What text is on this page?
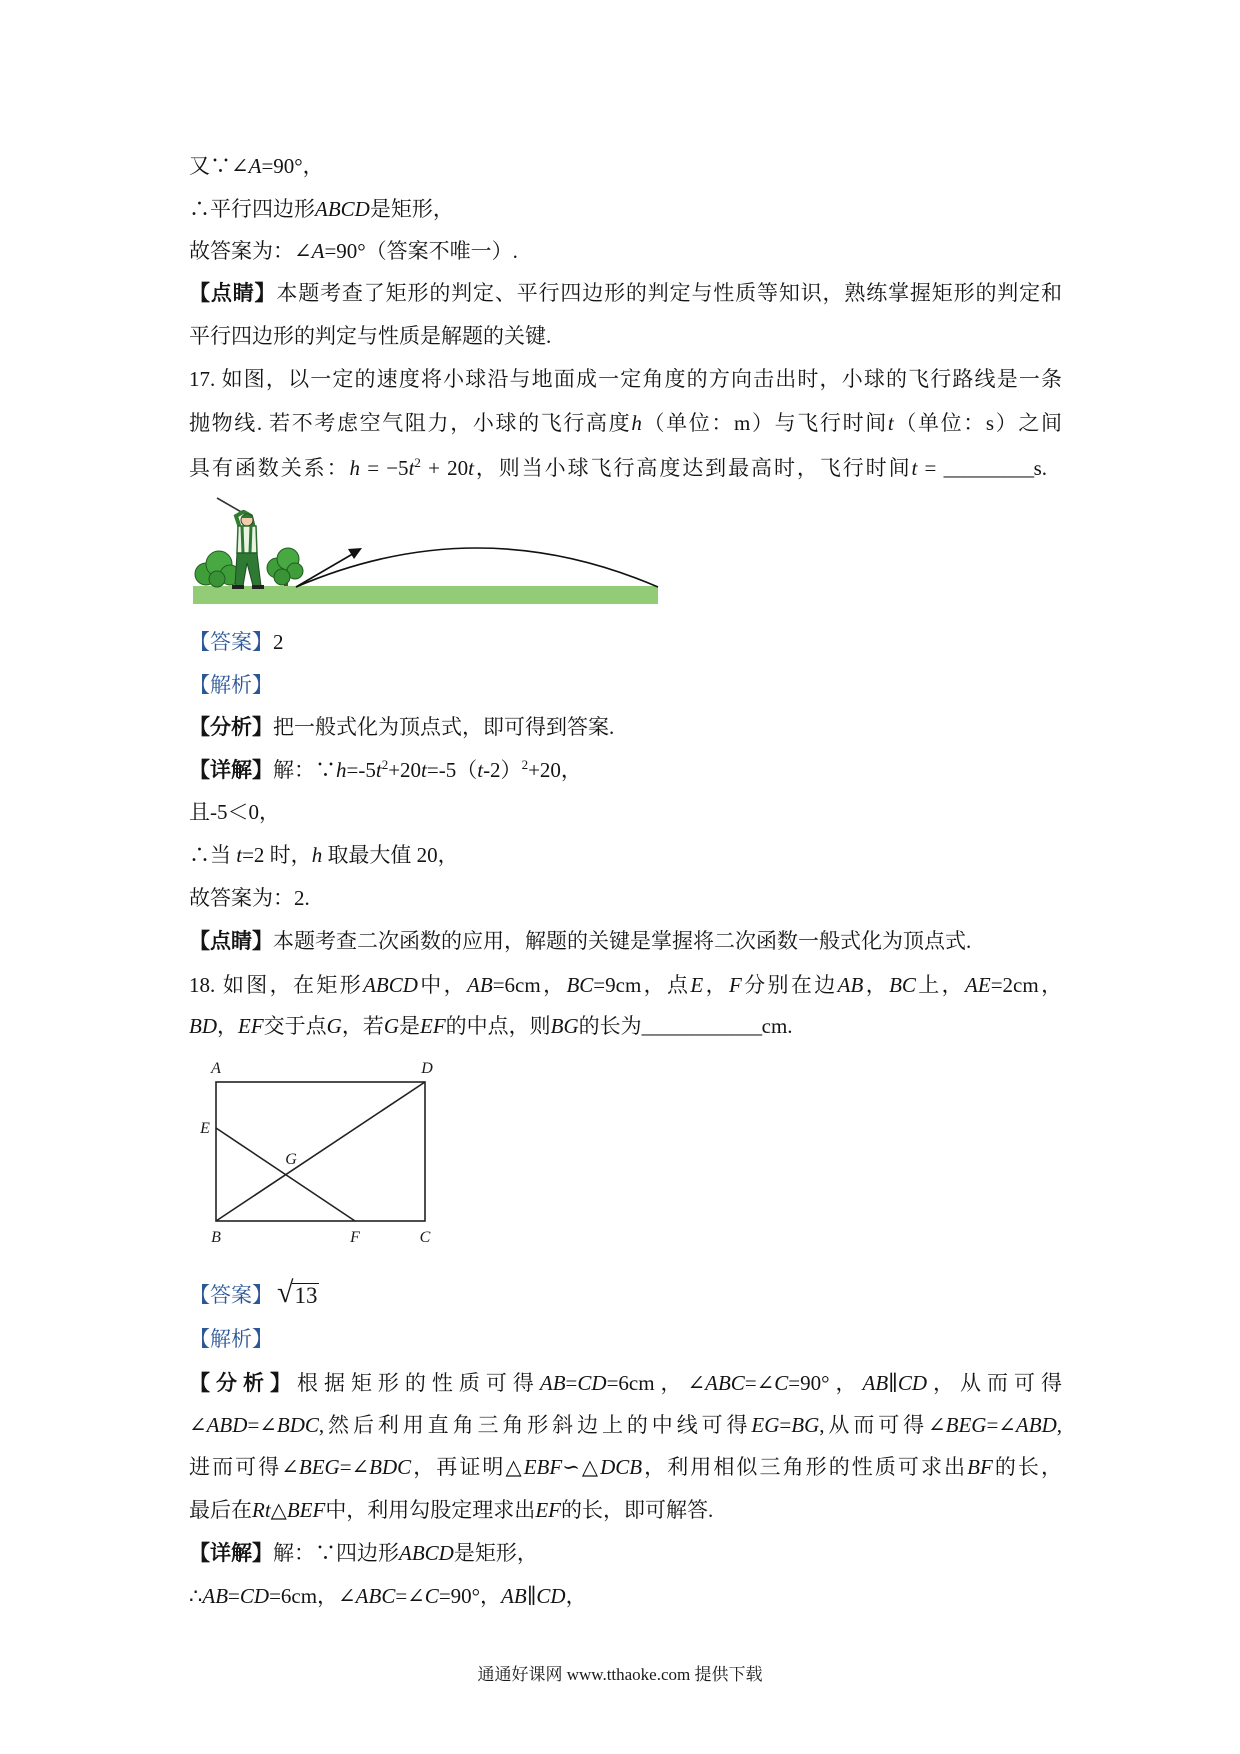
又∵∠A=90°，
∴平行四边形ABCD是矩形，
故答案为：∠A=90°（答案不唯一）.
【点睛】本题考查了矩形的判定、平行四边形的判定与性质等知识，熟练掌握矩形的判定和
平行四边形的判定与性质是解题的关键.
17. 如图，以一定的速度将小球沿与地面成一定角度的方向击出时，小球的飞行路线是一条
抛物线. 若不考虑空气阻力，小球的飞行高度h（单位：m）与飞行时间t（单位：s）之间
具有函数关系：$h = -5t^2 + 20t$，则当小球飞行高度达到最高时，飞行时间t = _________s.
【答案】2
【解析】
【分析】把一般式化为顶点式，即可得到答案.
【详解】解：$\because h=-5t^2+20t=-5(t-2)^2+20$，
且-5＜0，
∴当 t=2 时，h 取最大值 20，
故答案为：2.
【点睛】本题考查二次函数的应用，解题的关键是掌握将二次函数一般式化为顶点式.
18. 如图，在矩形ABCD中，AB=6cm，BC=9cm，点E，F分别在边AB，BC上，AE=2cm，
BD，EF交于点G，若G是EF的中点，则BG的长为____________cm.
A	D
E
G
B	F	C
【答案】 √13
【解析】
【分析】根据矩形的性质可得AB=CD=6cm，∠ABC=∠C=90°，AB∥CD，从而可得
∠ABD=∠BDC,然后利用直角三角形斜边上的中线可得EG=BG,从而可得∠BEG=∠ABD,
进而可得∠BEG=∠BDC，再证明△EBF∽△DCB，利用相似三角形的性质可求出BF的长，
最后在Rt△BEF中，利用勾股定理求出EF的长，即可解答.
【详解】解：∵四边形ABCD是矩形，
∴AB=CD=6cm，∠ABC=∠C=90°，AB∥CD，
通通好课网 www.tthaoke.com 提供下载
